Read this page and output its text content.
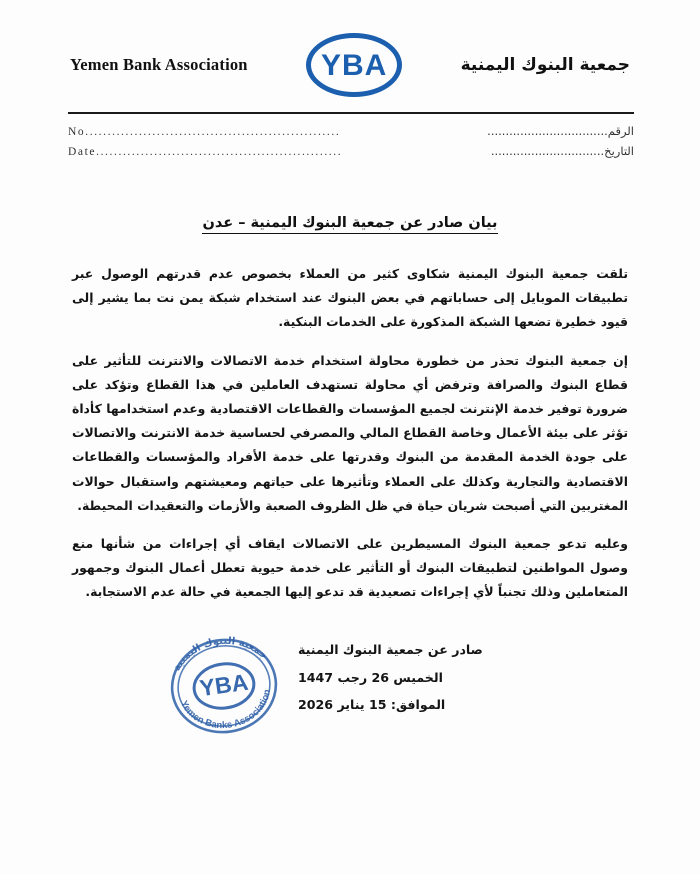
Yemen Bank Association YBA	جمعية البنوك اليمنية
No.........................................................	الرقم.................................
Date.......................................................	التاريخ...............................
بيان صادر عن جمعية البنوك اليمنية – عدن

تلقت جمعية البنوك اليمنية شكاوى كثير من العملاء بخصوص عدم قدرتهم الوصول عبر تطبيقات الموبايل إلى حساباتهم في بعض البنوك عند استخدام شبكة يمن نت بما يشير إلى قيود خطيرة تضعها الشبكة المذكورة على الخدمات البنكية.

إن جمعية البنوك تحذر من خطورة محاولة استخدام خدمة الاتصالات والانترنت للتأثير على قطاع البنوك والصرافة وترفض أي محاولة تستهدف العاملين في هذا القطاع وتؤكد على ضرورة توفير خدمة الإنترنت لجميع المؤسسات والقطاعات الاقتصادية وعدم استخدامها كأداة تؤثر على بيئة الأعمال وخاصة القطاع المالي والمصرفي لحساسية خدمة الانترنت والاتصالات على جودة الخدمة المقدمة من البنوك وقدرتها على خدمة الأفراد والمؤسسات والقطاعات الاقتصادية والتجارية وكذلك على العملاء وتأثيرها على حياتهم ومعيشتهم واستقبال حوالات المغتربين التي أصبحت شريان حياة في ظل الظروف الصعبة والأزمات والتعقيدات المحيطة.

وعليه تدعو جمعية البنوك المسيطرين على الاتصالات ايقاف أي إجراءات من شأنها منع وصول المواطنين لتطبيقات البنوك أو التأثير على خدمة حيوية تعطل أعمال البنوك وجمهور المتعاملين وذلك تجنباً لأي إجراءات تصعيدية قد تدعو إليها الجمعية في حالة عدم الاستجابة.

صادر عن جمعية البنوك اليمنية
الخميس 26 رجب 1447
الموافق: 15 يناير 2026
جمعية البنوك اليمنية
Yemen Banks Association
YBA
